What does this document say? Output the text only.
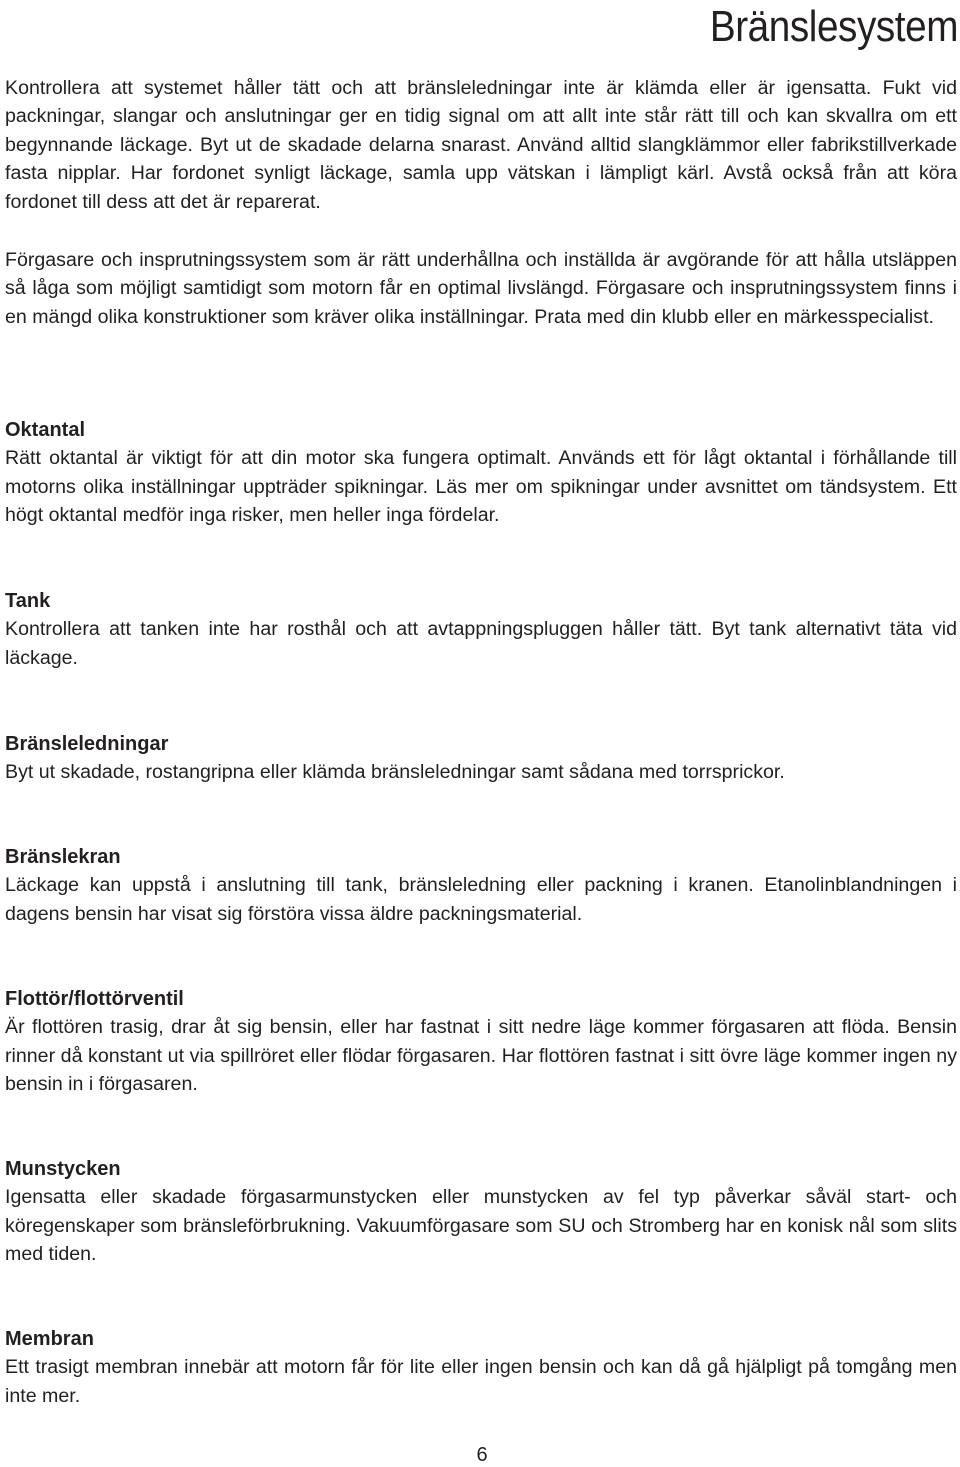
Bränslesystem

Kontrollera att systemet håller tätt och att bränsleledningar inte är klämda eller är igensatta. Fukt vid packningar, slangar och anslutningar ger en tidig signal om att allt inte står rätt till och kan skvallra om ett begynnande läckage. Byt ut de skadade delarna snarast. Använd alltid slangklämmor eller fabrikstillverkade fasta nipplar. Har fordonet synligt läckage, samla upp vätskan i lämpligt kärl. Avstå också från att köra fordonet till dess att det är reparerat.

Förgasare och insprutningssystem som är rätt underhållna och inställda är avgörande för att hålla utsläppen så låga som möjligt samtidigt som motorn får en optimal livslängd. Förgasare och insprutningssystem finns i en mängd olika konstruktioner som kräver olika inställningar. Prata med din klubb eller en märkesspecialist.

Oktantal

Rätt oktantal är viktigt för att din motor ska fungera optimalt. Används ett för lågt oktantal i förhållande till motorns olika inställningar uppträder spikningar. Läs mer om spikningar under avsnittet om tändsystem. Ett högt oktantal medför inga risker, men heller inga fördelar.

Tank

Kontrollera att tanken inte har rosthål och att avtappningspluggen håller tätt. Byt tank alternativt täta vid läckage.

Bränsleledningar

Byt ut skadade, rostangripna eller klämda bränsleledningar samt sådana med torrsprickor.

Bränslekran

Läckage kan uppstå i anslutning till tank, bränsleledning eller packning i kranen. Etanolinblandningen i dagens bensin har visat sig förstöra vissa äldre packningsmaterial.

Flottör/flottörventil

Är flottören trasig, drar åt sig bensin, eller har fastnat i sitt nedre läge kommer förgasaren att flöda. Bensin rinner då konstant ut via spillröret eller flödar förgasaren. Har flottören fastnat i sitt övre läge kommer ingen ny bensin in i förgasaren.

Munstycken

Igensatta eller skadade förgasarmunstycken eller munstycken av fel typ påverkar såväl start- och köregenskaper som bränsleförbrukning. Vakuumförgasare som SU och Stromberg har en konisk nål som slits med tiden.

Membran

Ett trasigt membran innebär att motorn får för lite eller ingen bensin och kan då gå hjälpligt på tomgång men inte mer.

6
